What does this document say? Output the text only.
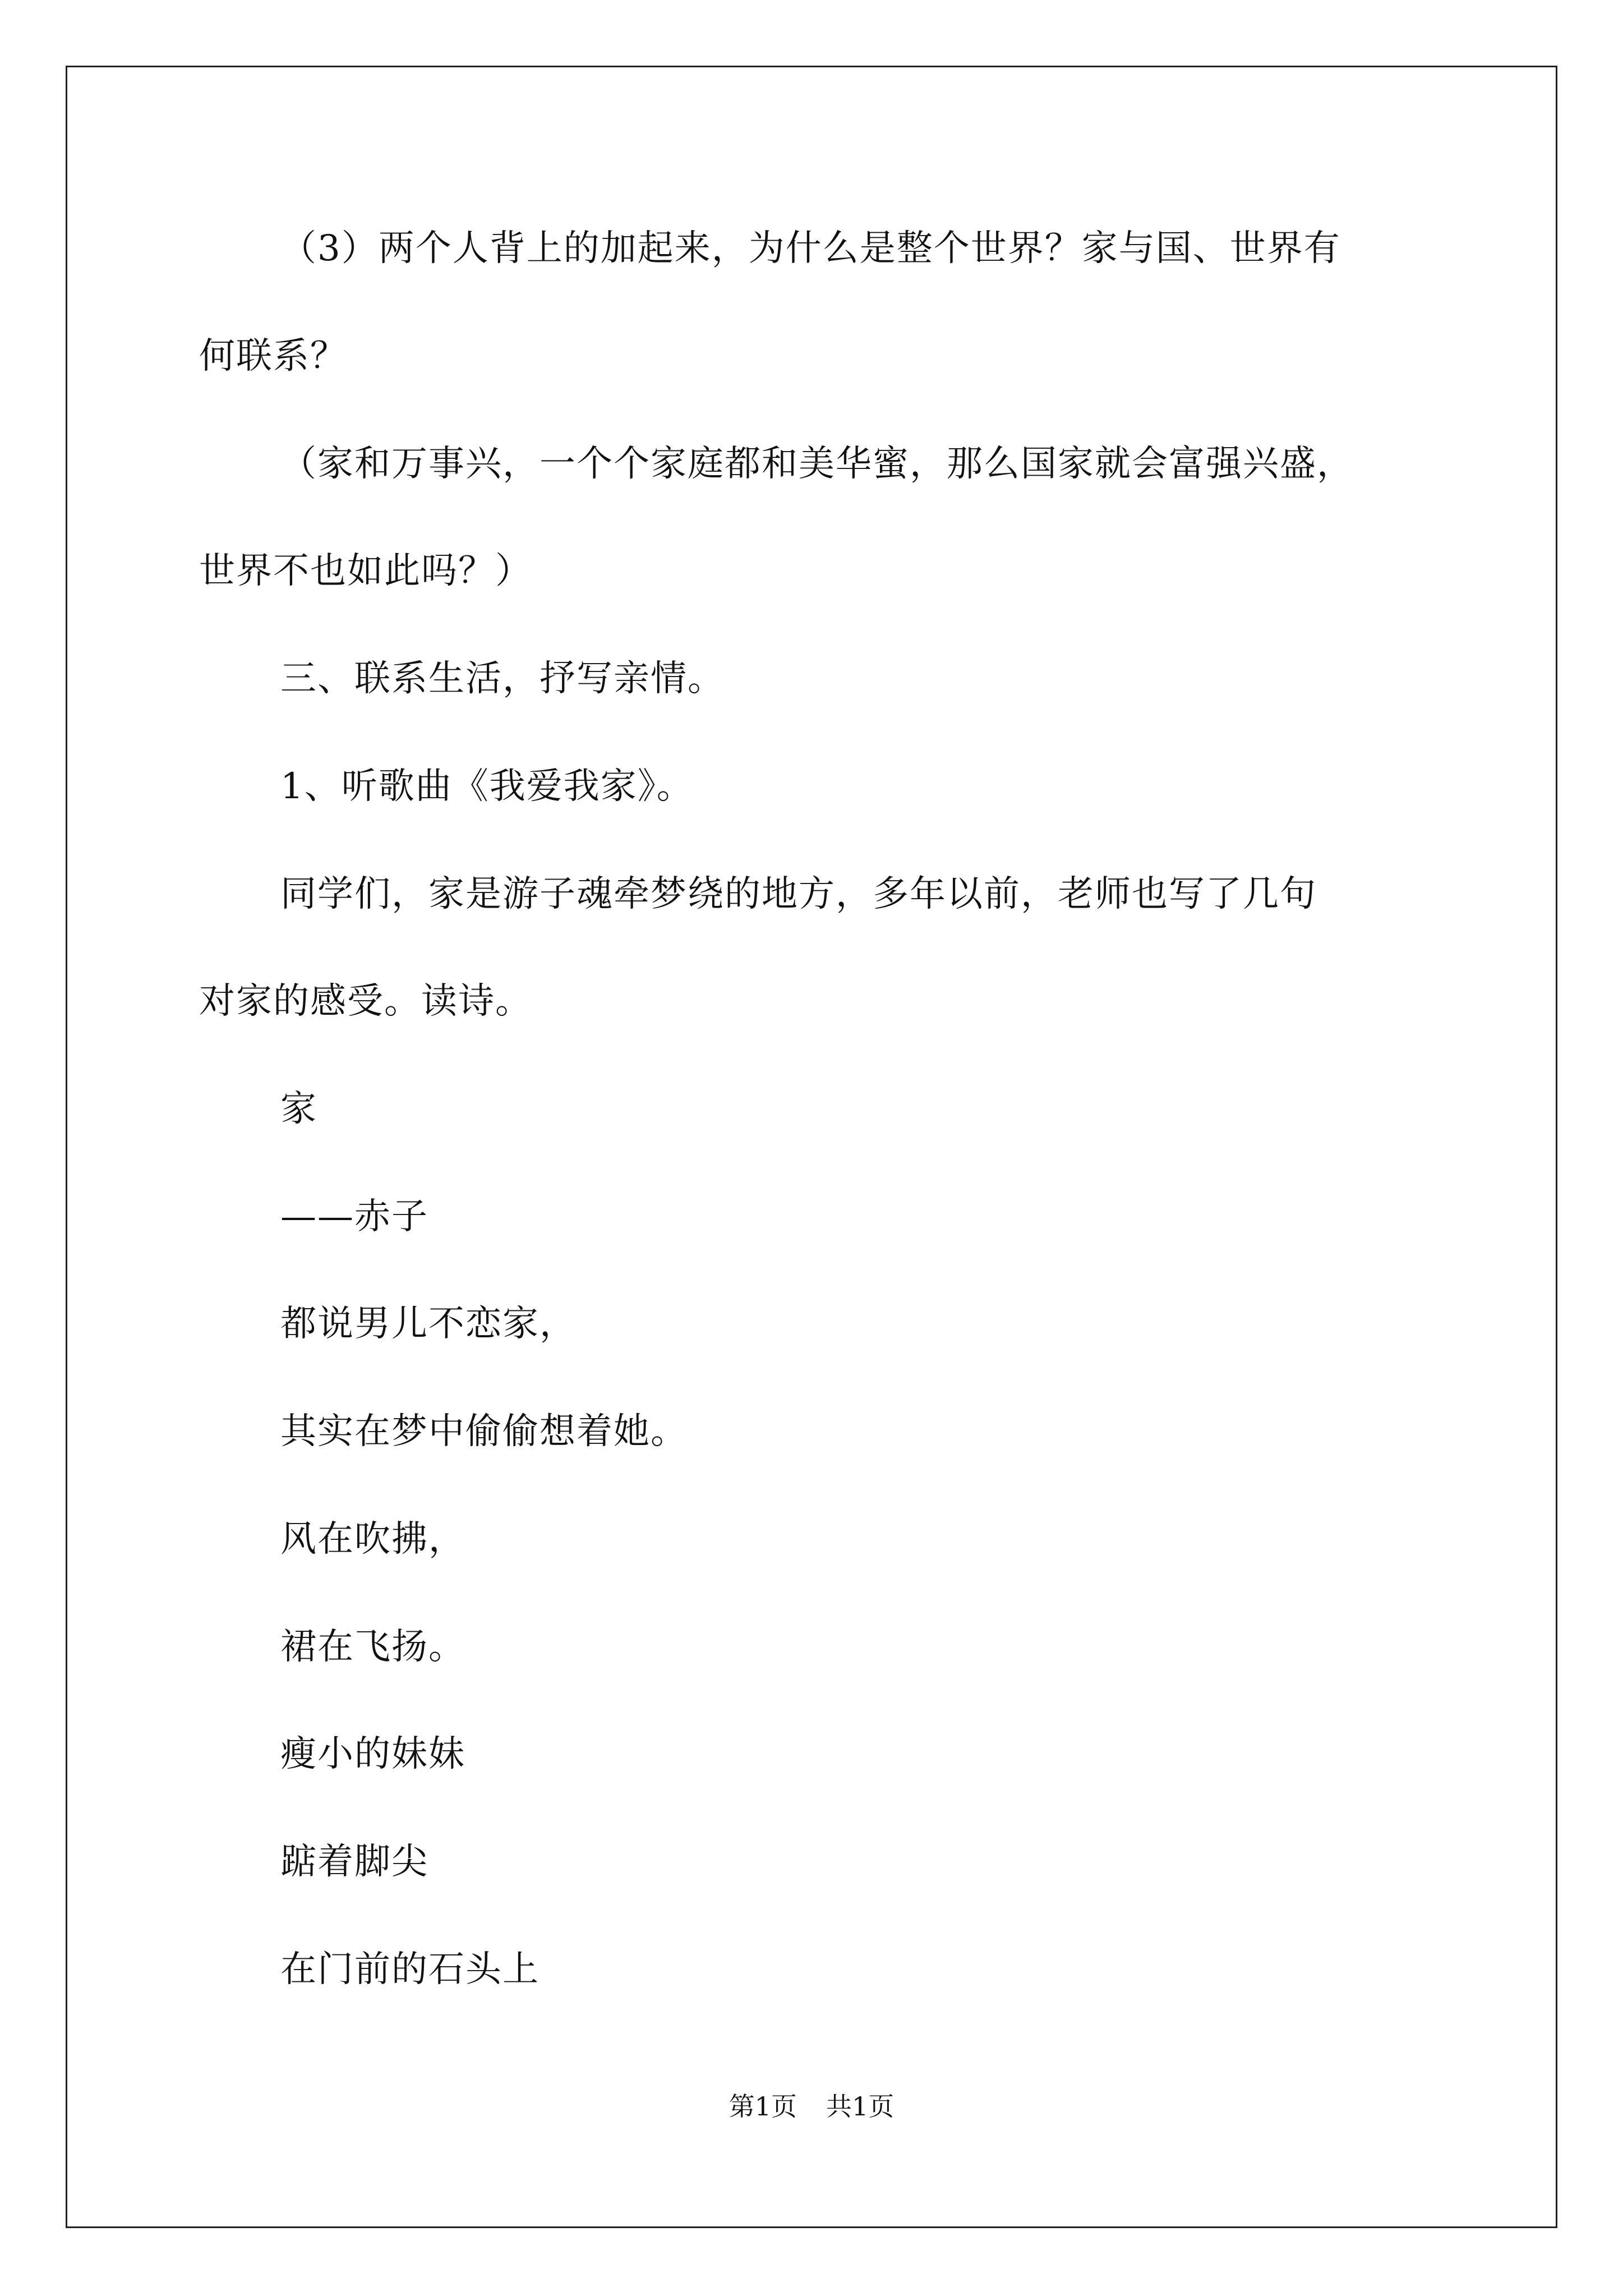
（3）两个人背上的加起来，为什么是整个世界？家与国、世界有
何联系？
（家和万事兴，一个个家庭都和美华蜜，那么国家就会富强兴盛，
世界不也如此吗？）
三、联系生活，抒写亲情。
1、听歌曲《我爱我家》。
同学们，家是游子魂牵梦绕的地方，多年以前，老师也写了几句
对家的感受。读诗。
家
——赤子
都说男儿不恋家，
其实在梦中偷偷想着她。
风在吹拂，
裙在飞扬。
瘦小的妹妹
踮着脚尖
在门前的石头上
第1页 共1页
